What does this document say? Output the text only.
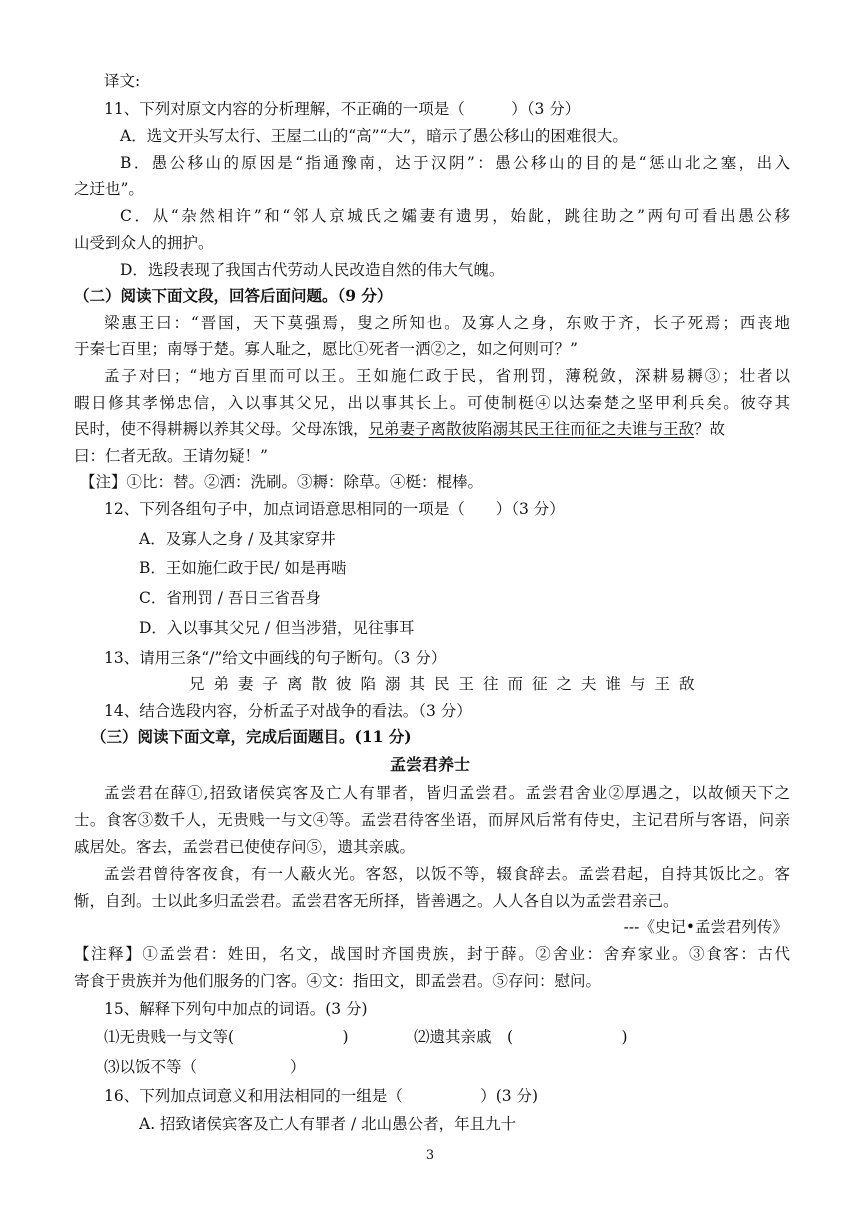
译文:
11、下列对原文内容的分析理解，不正确的一项是（　　　）（3 分）
A．选文开头写太行、王屋二山的“高”“大”，暗示了愚公移山的困难很大。
B．愚公移山的原因是“指通豫南，达于汉阴”：愚公移山的目的是“惩山北之塞，出入
之迂也”。
C．从“杂然相许”和“邻人京城氏之孀妻有遗男，始龀，跳往助之”两句可看出愚公移
山受到众人的拥护。
D．选段表现了我国古代劳动人民改造自然的伟大气魄。
（二）阅读下面文段，回答后面问题。（9 分）
梁惠王曰：“晋国，天下莫强焉，叟之所知也。及寡人之身，东败于齐，长子死焉；西丧地
于秦七百里；南辱于楚。寡人耻之，愿比①死者一洒②之，如之何则可？”
孟子对曰；“地方百里而可以王。王如施仁政于民，省刑罚，薄税敛，深耕易耨③；壮者以
暇日修其孝悌忠信，入以事其父兄，出以事其长上。可使制梃④以达秦楚之坚甲利兵矣。彼夺其
民时，使不得耕耨以养其父母。父母冻饿，兄弟妻子离散彼陷溺其民王往而征之夫谁与王敌？故
曰：仁者无敌。王请勿疑！”
【注】①比：替。②洒：洗刷。③耨：除草。④梃：棍棒。
12、下列各组句子中，加点词语意思相同的一项是（　　）（3 分）
A．及寡人之身 / 及其家穿井
B．王如施仁政于民/ 如是再啮
C．省刑罚 / 吾日三省吾身
D．入以事其父兄 / 但当涉猎，见往事耳
13、请用三条“/”给文中画线的句子断句。（3 分）
兄弟妻子离散彼陷溺其民王往而征之夫谁与王敌
14、结合选段内容，分析孟子对战争的看法。（3 分）
（三）阅读下面文章，完成后面题目。(11 分)
孟尝君养士
孟尝君在薛①,招致诸侯宾客及亡人有罪者，皆归孟尝君。孟尝君舍业②厚遇之，以故倾天下之
士。食客③数千人，无贵贱一与文④等。孟尝君待客坐语，而屏风后常有侍史，主记君所与客语，问亲
戚居处。客去，孟尝君已使使存问⑤，遗其亲戚。
孟尝君曾待客夜食，有一人蔽火光。客怒，以饭不等，辍食辞去。孟尝君起，自持其饭比之。客
惭，自刭。士以此多归孟尝君。孟尝君客无所择，皆善遇之。人人各自以为孟尝君亲己。
---《史记•孟尝君列传》
【注释】①孟尝君：姓田，名文，战国时齐国贵族，封于薛。②舍业：舍弃家业。③食客：古代
寄食于贵族并为他们服务的门客。④文：指田文，即孟尝君。⑤存问：慰问。
15、解释下列句中加点的词语。(3 分)
⑴无贵贱一与文等(　　　　　　　)	⑵遗其亲戚　(　　　　　　　)
⑶以饭不等（　　　　　　）
16、下列加点词意义和用法相同的一组是（　　　　　）(3 分)
A. 招致诸侯宾客及亡人有罪者 / 北山愚公者，年且九十
3
